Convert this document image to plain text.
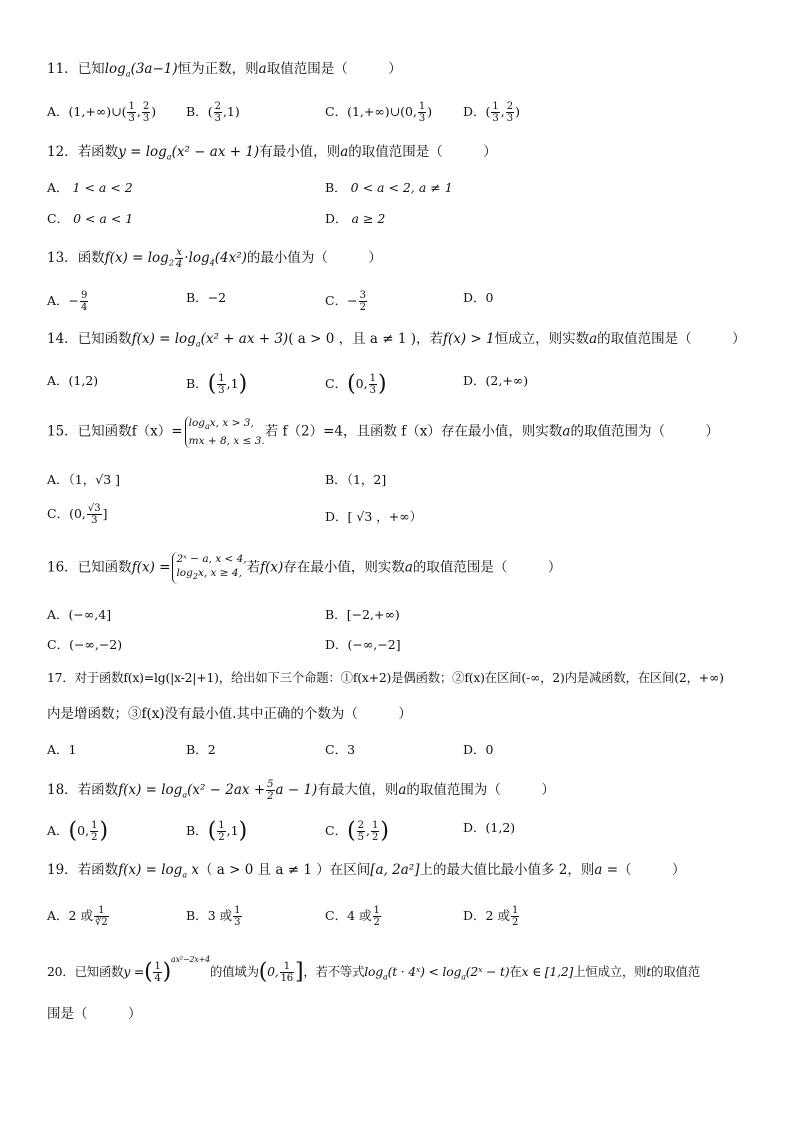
11．已知$\log_a(3a-1)$恒为正数，则a取值范围是（　　　）
A．(1,+∞)∪( $\frac{1}{3}$ , $\frac{2}{3}$ ) B．( $\frac{2}{3} ,1$)	C．(1,+∞)∪(0, $\frac{1}{3}$ ) D．( $\frac{1}{3}$ , $\frac{2}{3}$ )
12．若函数$y = \log_a(x^2$ − ax + 1)有最小值，则a的取值范围是（　　　）
A． 1 < a < 2	B． 0 < a < 2, a ≠ 1
C． 0 < a < 1	D． a ≥ 2
13．函数$f(x) = \log_2 \frac{x}{4} \cdot\log_4(4x^2)$的最小值为（　　　）
A．− $\frac{9}{4}$	B．−2	C．− $\frac{3}{2}$	D．0
14．已知函数$f(x) = \log_a(x^2$ + ax + 3)( a > 0 ，且 a ≠ 1 )，若f(x) > 1恒成立，则实数a的取值范围是（　　　）
A．(1,2)	B．( $\frac{1}{3} ,1$)	C．(0, $\frac{1}{3}$ )	D．(2,+∞)
15．已知函数f（x）=
$\log_ax$, x > 3,
mx + 8, x ≤ 3.
若 f（2）=4，且函数 f（x）存在最小值，则实数a的取值范围为（　　　）
A．（1，√3 ]	B．（1，2]
C．(0, $\frac{√3}{3}$ ]	D．[ √3 ，+∞）
16．已知函数f(x) =
2ˣ − a, x < 4,
$\log_2x$, x ≥ 4, 若f(x)存在最小值，则实数a的取值范围是（　　　）
A．(−∞,4]	B．[−2,+∞)
C．(−∞,−2)	D．(−∞,−2]
17．对于函数f(x)=lg(|x-2|+1)，给出如下三个命题：①f(x+2)是偶函数；②f(x)在区间(-∞，2)内是减函数，在区间(2，+∞)
内是增函数；③f(x)没有最小值.其中正确的个数为（　　　）
A．1	B．2	C．3	D．0
18．若函数$f(x) = \log_a(x^2 - 2ax + \frac{5}{2}$ a − 1)有最大值，则a的取值范围为（　　　）
A．(0, $\frac{1}{2}$ )	B．( $\frac{1}{2} ,1$)	C．( $\frac{2}{5}$ , $\frac{1}{2}$ )	D．(1,2)
19．若函数$f(x) = \log_a x$（ a > 0 且 a ≠ 1 ）在区间[a, 2a²]上的最大值比最小值多 2，则a =（　　　）
A．2 或 $\frac{1}{∛2}$	B．3 或 $\frac{1}{3}$	C．4 或 $\frac{1}{2}$	D．2 或 $\frac{1}{2}$
20．已知函数y =( $\frac{1}{4} )^{ax^2-2x+4}$的值域为(0, $\frac{1}{16}$ ]，若不等式$\log_a(t$ · 4ˣ) < $\log_a(2ˣ - t)$在x ∈ [1,2]上恒成立，则t的取值范
围是（　　　）
